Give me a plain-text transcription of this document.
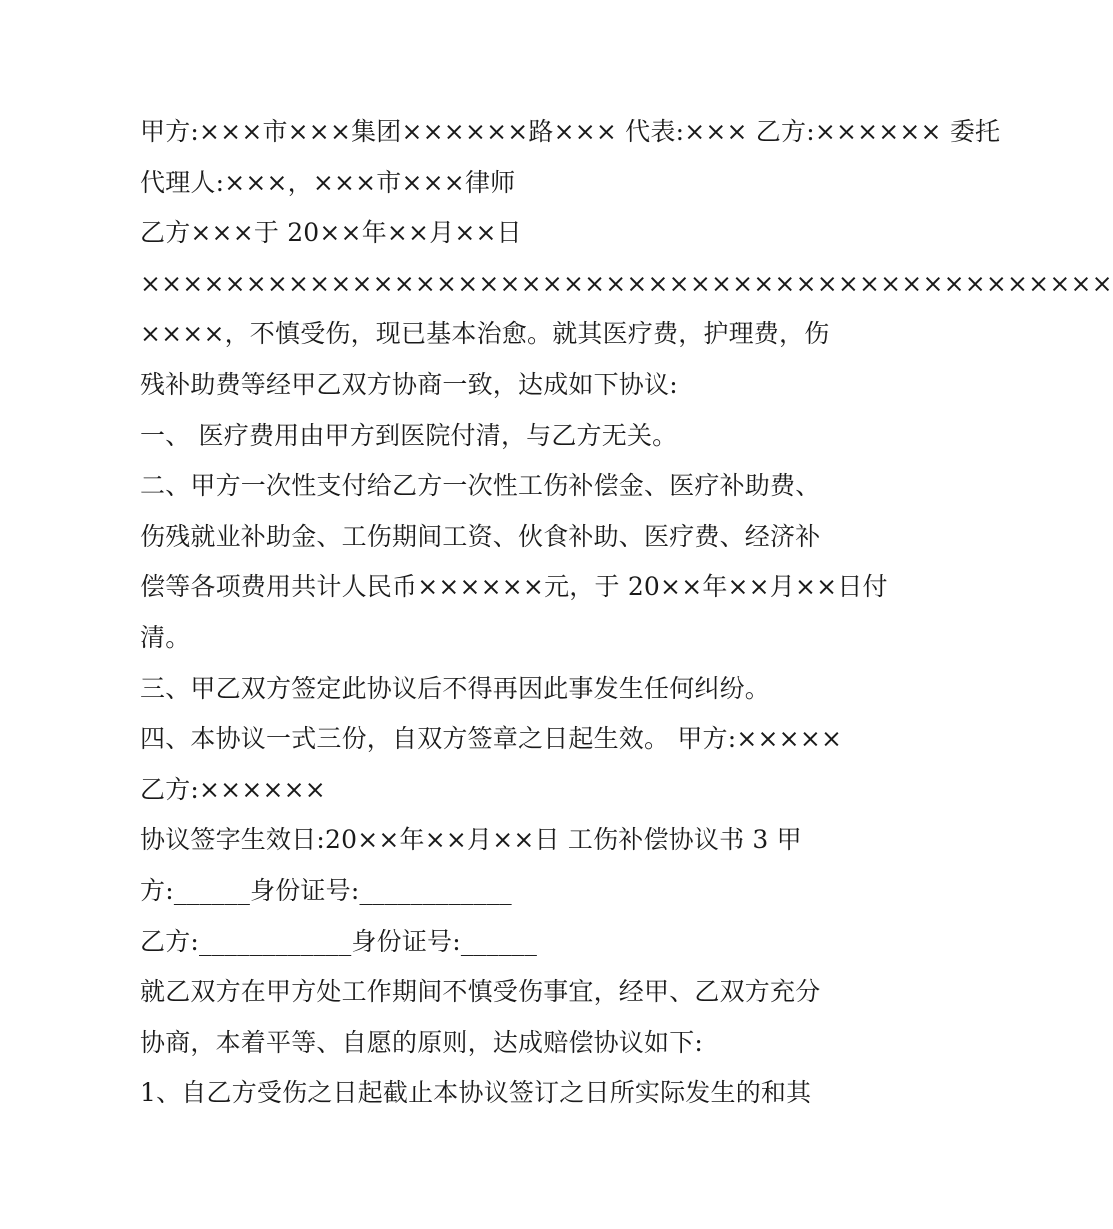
甲方:×××市×××集团××××××路××× 代表:××× 乙方:×××××× 委托
代理人:×××，×××市×××律师
乙方×××于 20××年××月××日
××××××××××××××××××××××××××××××××××××××××××××××
××××，不慎受伤，现已基本治愈。就其医疗费，护理费，伤
残补助费等经甲乙双方协商一致，达成如下协议:
一、 医疗费用由甲方到医院付清，与乙方无关。
二、甲方一次性支付给乙方一次性工伤补偿金、医疗补助费、
伤残就业补助金、工伤期间工资、伙食补助、医疗费、经济补
偿等各项费用共计人民币××××××元，于 20××年××月××日付
清。
三、甲乙双方签定此协议后不得再因此事发生任何纠纷。
四、本协议一式三份，自双方签章之日起生效。 甲方:×××××
乙方:××××××
协议签字生效日:20××年××月××日 工伤补偿协议书 3 甲
方:______身份证号:____________
乙方:____________身份证号:______
就乙双方在甲方处工作期间不慎受伤事宜，经甲、乙双方充分
协商，本着平等、自愿的原则，达成赔偿协议如下:
1、自乙方受伤之日起截止本协议签订之日所实际发生的和其
